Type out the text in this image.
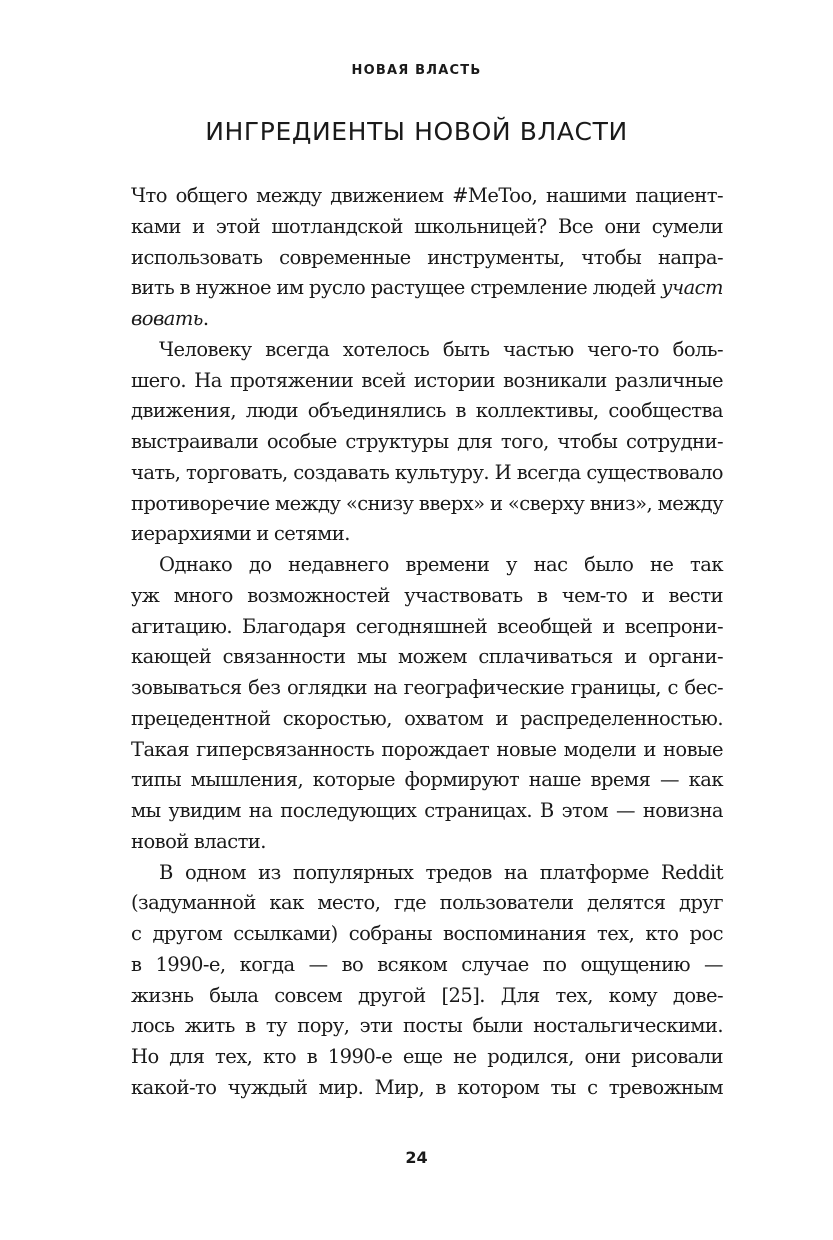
НОВАЯ ВЛАСТЬ
ИНГРЕДИЕНТЫ НОВОЙ ВЛАСТИ
Что общего между движением #MeToo, нашими пациент-
ками и этой шотландской школьницей? Все они сумели
использовать современные инструменты, чтобы напра-
вить в нужное им русло растущее стремление людей участ
вовать.
Человеку всегда хотелось быть частью чего-то боль-
шего. На протяжении всей истории возникали различные
движения, люди объединялись в коллективы, сообщества
выстраивали особые структуры для того, чтобы сотрудни-
чать, торговать, создавать культуру. И всегда существовало
противоречие между «снизу вверх» и «сверху вниз», между
иерархиями и сетями.
Однако до недавнего времени у нас было не так
уж много возможностей участвовать в чем-то и вести
агитацию. Благодаря сегодняшней всеобщей и всепрони-
кающей связанности мы можем сплачиваться и органи-
зовываться без оглядки на географические границы, с бес-
прецедентной скоростью, охватом и распределенностью.
Такая гиперсвязанность порождает новые модели и новые
типы мышления, которые формируют наше время — как
мы увидим на последующих страницах. В этом — новизна
новой власти.
В одном из популярных тредов на платформе Reddit
(задуманной как место, где пользователи делятся друг
с другом ссылками) собраны воспоминания тех, кто рос
в 1990-е, когда — во всяком случае по ощущению —
жизнь была совсем другой [25]. Для тех, кому дове-
лось жить в ту пору, эти посты были ностальгическими.
Но для тех, кто в 1990-е еще не родился, они рисовали
какой-то чуждый мир. Мир, в котором ты с тревожным
24
